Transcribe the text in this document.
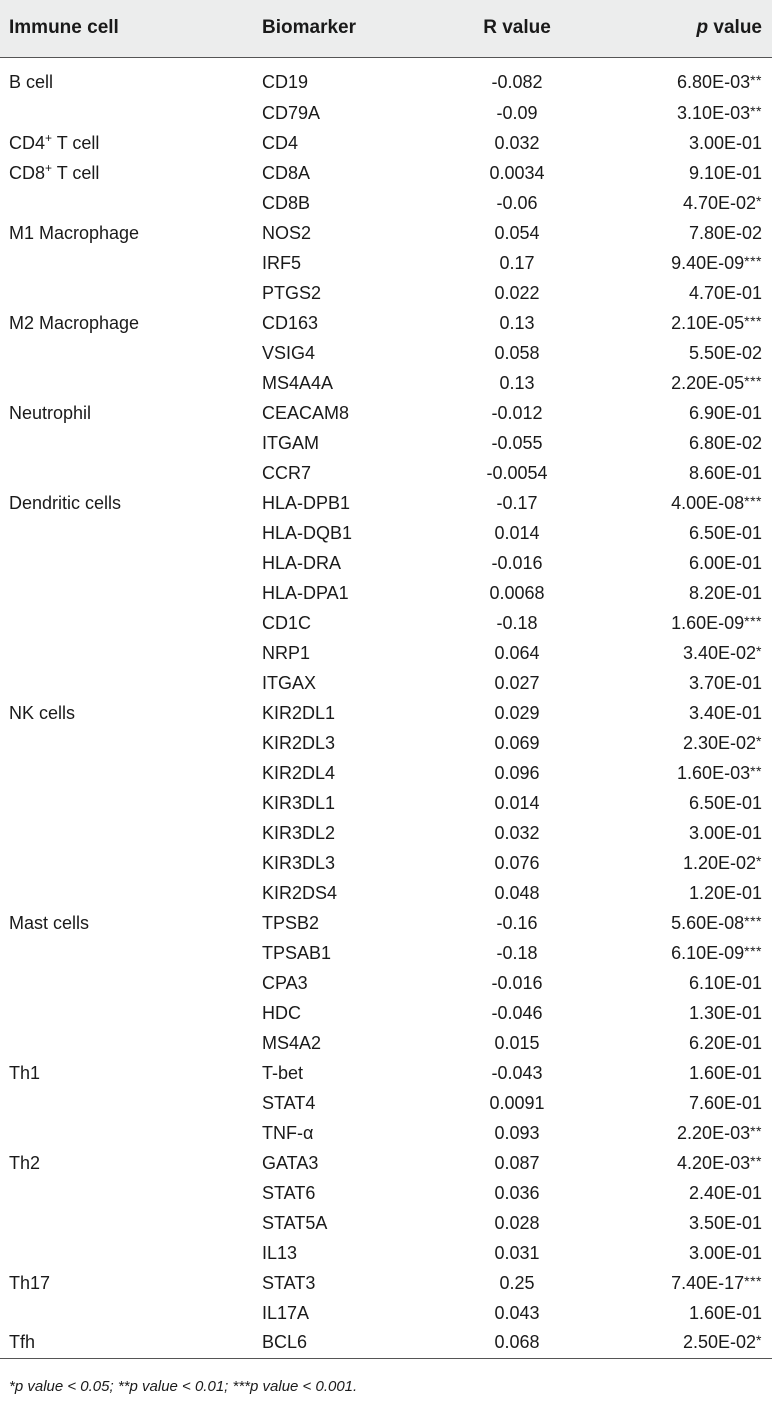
Immune cell	Biomarker	R value	p value
B cell	CD19	-0.082	6.80E-03**
	CD79A	-0.09	3.10E-03**
CD4+ T cell	CD4	0.032	3.00E-01
CD8+ T cell	CD8A	0.0034	9.10E-01
	CD8B	-0.06	4.70E-02*
M1 Macrophage	NOS2	0.054	7.80E-02
	IRF5	0.17	9.40E-09***
	PTGS2	0.022	4.70E-01
M2 Macrophage	CD163	0.13	2.10E-05***
	VSIG4	0.058	5.50E-02
	MS4A4A	0.13	2.20E-05***
Neutrophil	CEACAM8	-0.012	6.90E-01
	ITGAM	-0.055	6.80E-02
	CCR7	-0.0054	8.60E-01
Dendritic cells	HLA-DPB1	-0.17	4.00E-08***
	HLA-DQB1	0.014	6.50E-01
	HLA-DRA	-0.016	6.00E-01
	HLA-DPA1	0.0068	8.20E-01
	CD1C	-0.18	1.60E-09***
	NRP1	0.064	3.40E-02*
	ITGAX	0.027	3.70E-01
NK cells	KIR2DL1	0.029	3.40E-01
	KIR2DL3	0.069	2.30E-02*
	KIR2DL4	0.096	1.60E-03**
	KIR3DL1	0.014	6.50E-01
	KIR3DL2	0.032	3.00E-01
	KIR3DL3	0.076	1.20E-02*
	KIR2DS4	0.048	1.20E-01
Mast cells	TPSB2	-0.16	5.60E-08***
	TPSAB1	-0.18	6.10E-09***
	CPA3	-0.016	6.10E-01
	HDC	-0.046	1.30E-01
	MS4A2	0.015	6.20E-01
Th1	T-bet	-0.043	1.60E-01
	STAT4	0.0091	7.60E-01
	TNF-α	0.093	2.20E-03**
Th2	GATA3	0.087	4.20E-03**
	STAT6	0.036	2.40E-01
	STAT5A	0.028	3.50E-01
	IL13	0.031	3.00E-01
Th17	STAT3	0.25	7.40E-17***
	IL17A	0.043	1.60E-01
Tfh	BCL6	0.068	2.50E-02*

*p value < 0.05; **p value < 0.01; ***p value < 0.001.
